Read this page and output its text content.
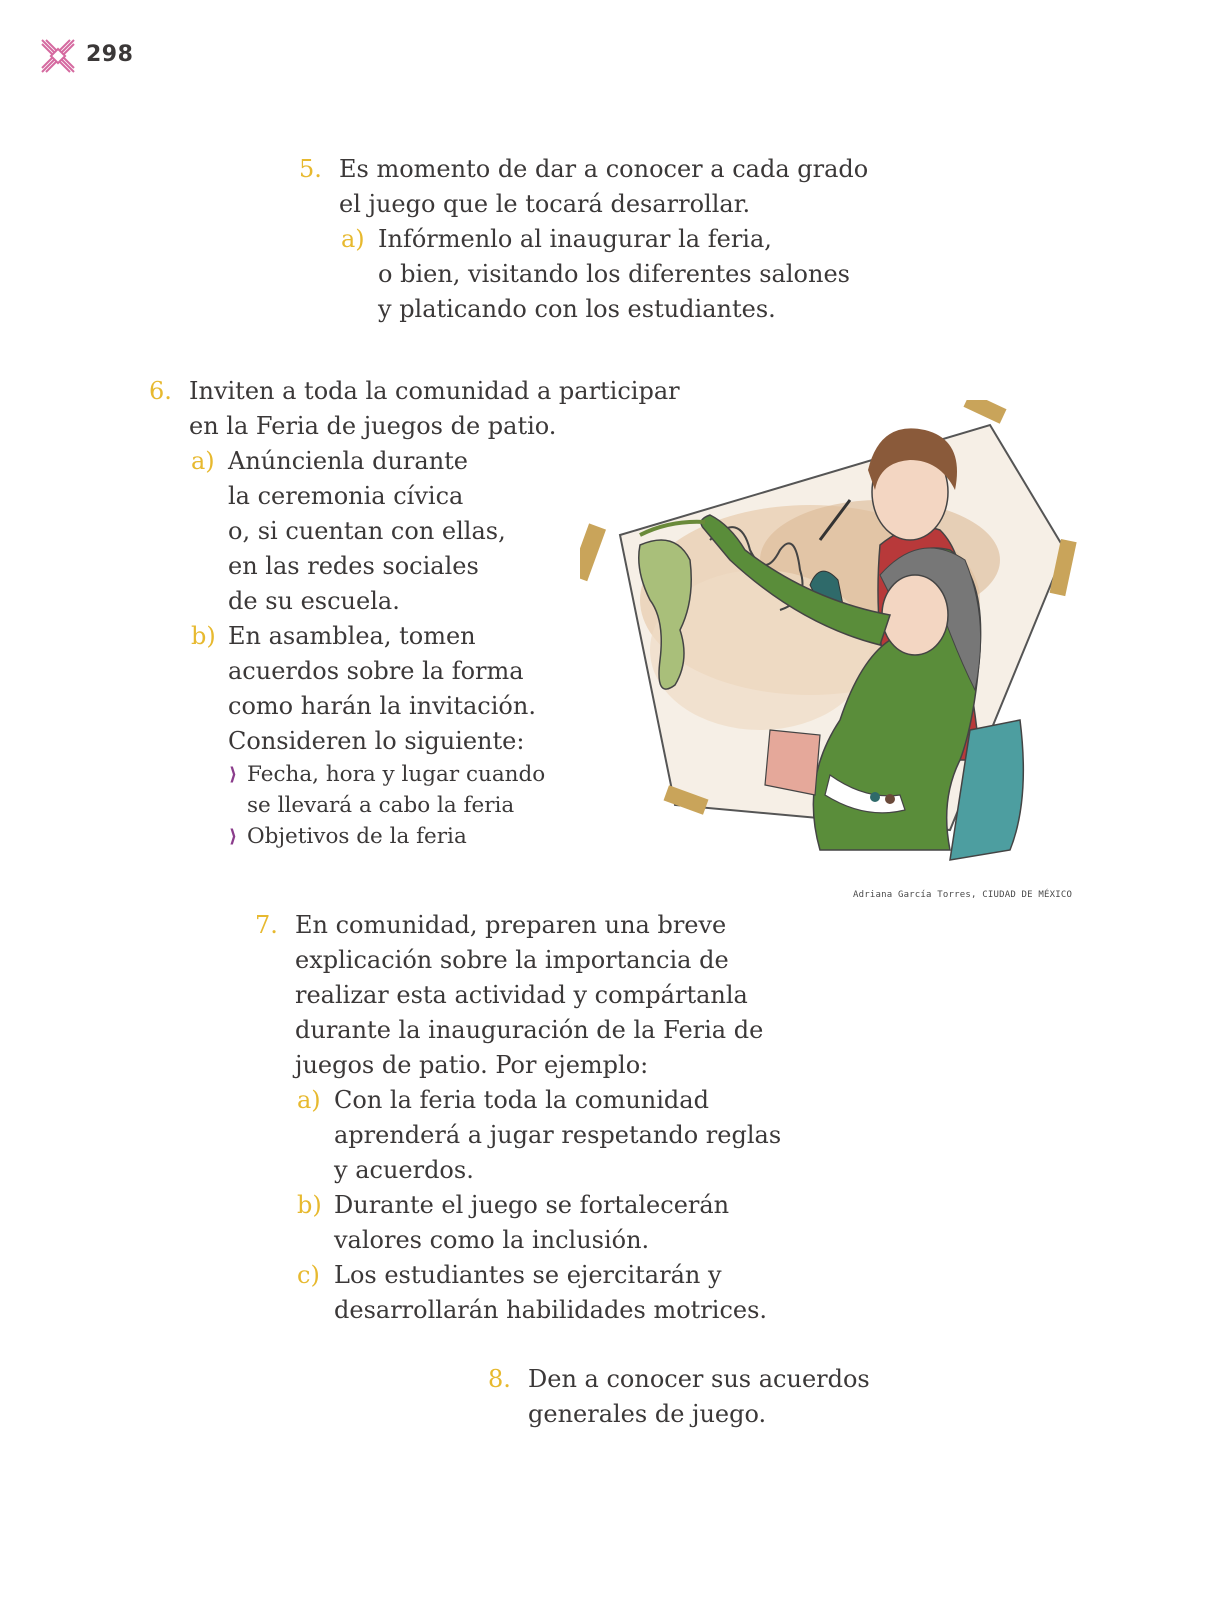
298
5. Es momento de dar a conocer a cada grado
el juego que le tocará desarrollar.
a) Infórmenlo al inaugurar la feria,
o bien, visitando los diferentes salones
y platicando con los estudiantes.
6. Inviten a toda la comunidad a participar
en la Feria de juegos de patio.
a) Anúncienla durante
la ceremonia cívica
o, si cuentan con ellas,
en las redes sociales
de su escuela.
b) En asamblea, tomen
acuerdos sobre la forma
como harán la invitación.
Consideren lo siguiente:
⟩ Fecha, hora y lugar cuando
se llevará a cabo la feria
⟩ Objetivos de la feria
Adriana García Torres, CIUDAD DE MÉXICO
7. En comunidad, preparen una breve
explicación sobre la importancia de
realizar esta actividad y compártanla
durante la inauguración de la Feria de
juegos de patio. Por ejemplo:
a) Con la feria toda la comunidad
aprenderá a jugar respetando reglas
y acuerdos.
b) Durante el juego se fortalecerán
valores como la inclusión.
c) Los estudiantes se ejercitarán y
desarrollarán habilidades motrices.
8. Den a conocer sus acuerdos
generales de juego.
